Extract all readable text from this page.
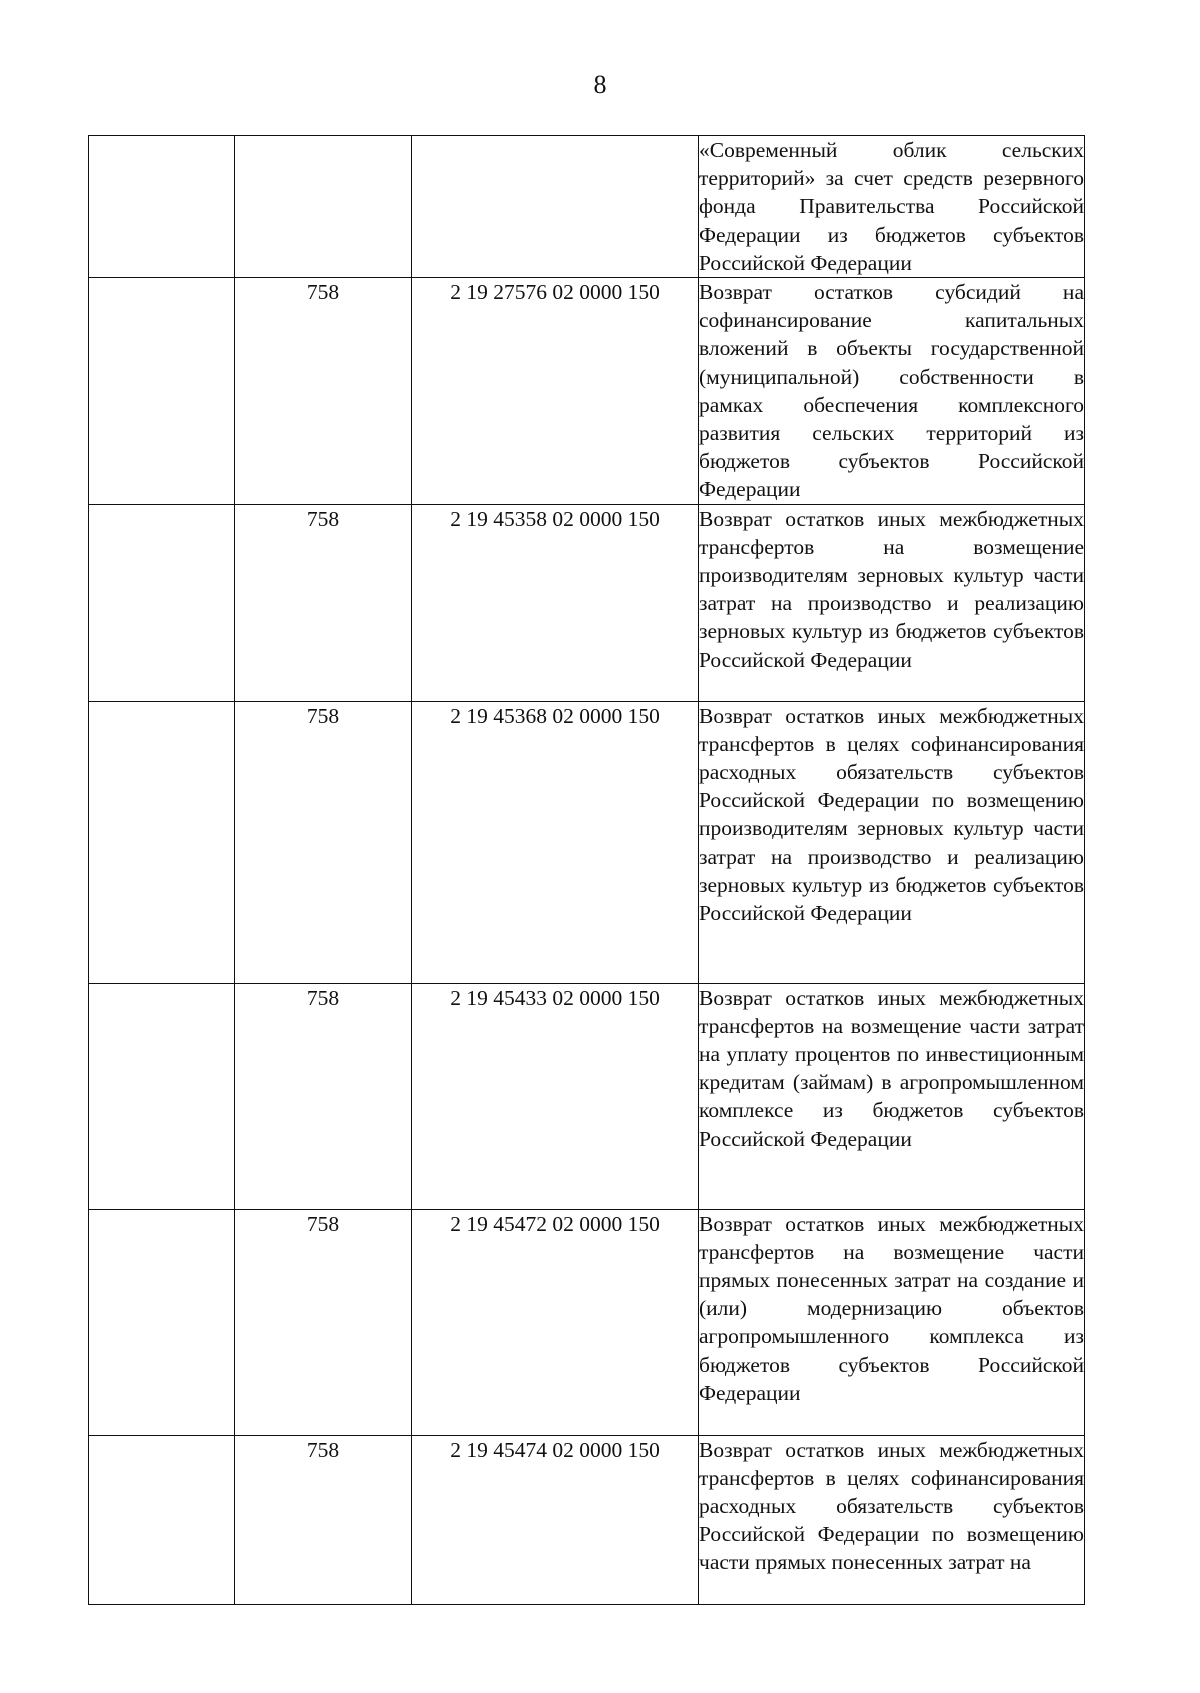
8

			«Современный облик сельских территорий» за счет средств резервного фонда Правительства Российской Федерации из бюджетов субъектов Российской Федерации

	758	2 19 27576 02 0000 150	Возврат остатков субсидий на софинансирование капитальных вложений в объекты государственной (муниципальной) собственности в рамках обеспечения комплексного развития сельских территорий из бюджетов субъектов Российской Федерации

	758	2 19 45358 02 0000 150	Возврат остатков иных межбюджетных трансфертов на возмещение производителям зерновых культур части затрат на производство и реализацию зерновых культур из бюджетов субъектов Российской Федерации

	758	2 19 45368 02 0000 150	Возврат остатков иных межбюджетных трансфертов в целях софинансирования расходных обязательств субъектов Российской Федерации по возмещению производителям зерновых культур части затрат на производство и реализацию зерновых культур из бюджетов субъектов Российской Федерации

	758	2 19 45433 02 0000 150	Возврат остатков иных межбюджетных трансфертов на возмещение части затрат на уплату процентов по инвестиционным кредитам (займам) в агропромышленном комплексе из бюджетов субъектов Российской Федерации

	758	2 19 45472 02 0000 150	Возврат остатков иных межбюджетных трансфертов на возмещение части прямых понесенных затрат на создание и (или) модернизацию объектов агропромышленного комплекса из бюджетов субъектов Российской Федерации

	758	2 19 45474 02 0000 150	Возврат остатков иных межбюджетных трансфертов в целях софинансирования расходных обязательств субъектов Российской Федерации по возмещению части прямых понесенных затрат на
